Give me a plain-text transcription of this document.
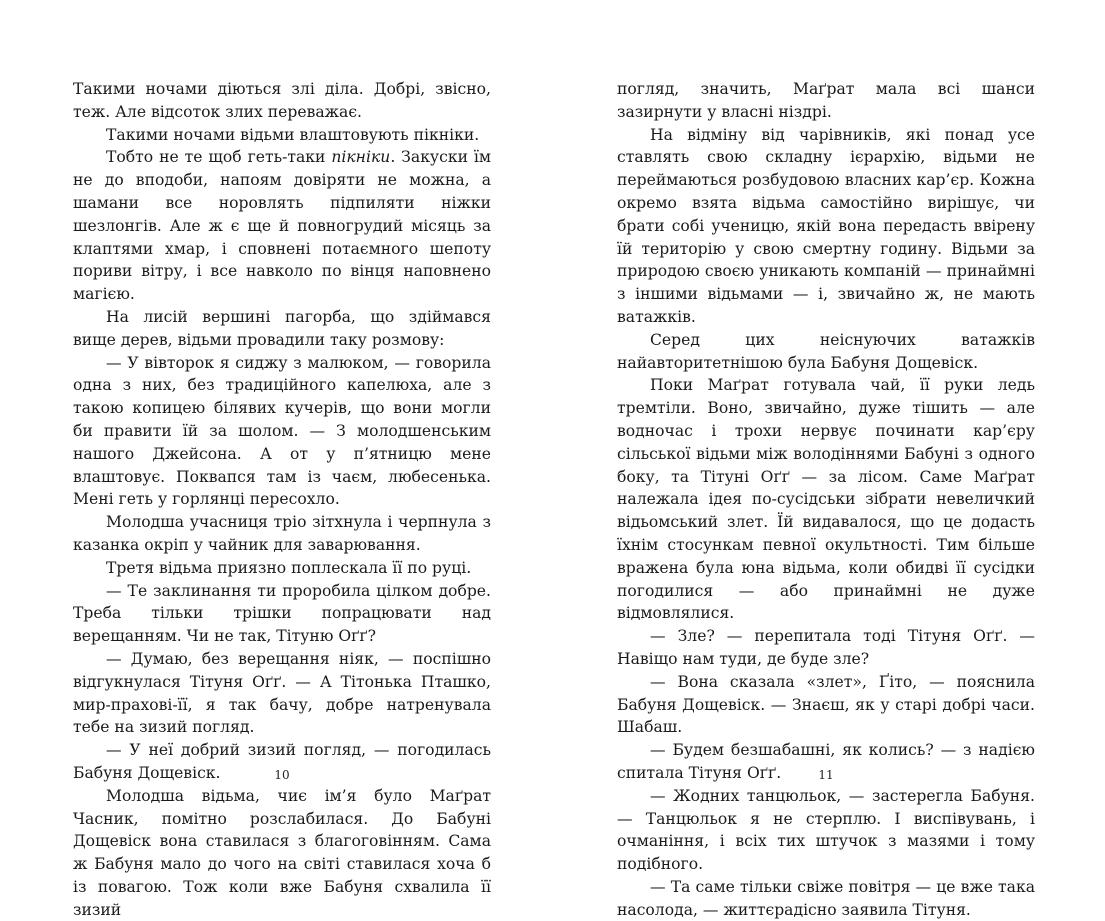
Такими ночами діються злі діла. Добрі, звісно, теж. Але відсоток злих переважає.

Такими ночами відьми влаштовують пікніки.

Тобто не те щоб геть-таки пікніки. Закуски їм не до вподоби, напоям довіряти не можна, а шамани все норовлять підпиляти ніжки шезлонгів. Але ж є ще й повногрудий місяць за клаптями хмар, і сповнені потаємного шепоту пориви вітру, і все навколо по вінця наповнено магією.

На лисій вершині пагорба, що здіймався вище дерев, відьми провадили таку розмову:

— У вівторок я сиджу з малюком, — говорила одна з них, без традиційного капелюха, але з такою копицею білявих кучерів, що вони могли би правити їй за шолом. — З молодшенським нашого Джейсона. А от у п’ятницю мене влаштовує. Поквапся там із чаєм, любесенька. Мені геть у горлянці пересохло.

Молодша учасниця тріо зітхнула і черпнула з казанка окріп у чайник для заварювання.

Третя відьма приязно поплескала її по руці.

— Те заклинання ти проробила цілком добре. Треба тільки трішки попрацювати над верещанням. Чи не так, Тітуню Оґґ?

— Думаю, без верещання ніяк, — поспішно відгукнулася Тітуня Оґґ. — А Тітонька Пташко, мир-прахові-її, я так бачу, добре натренувала тебе на зизий погляд.

— У неї добрий зизий погляд, — погодилась Бабуня Дощевіск.

Молодша відьма, чиє ім’я було Маґрат Часник, помітно розслабилася. До Бабуні Дощевіск вона ставилася з благоговінням. Сама ж Бабуня мало до чого на світі ставилася хоча б із повагою. Тож коли вже Бабуня схвалила її зизий

10

погляд, значить, Маґрат мала всі шанси зазирнути у власні ніздрі.

На відміну від чарівників, які понад усе ставлять свою складну ієрархію, відьми не переймаються розбудовою власних кар’єр. Кожна окремо взята відьма самостійно вирішує, чи брати собі ученицю, якій вона передасть ввірену їй територію у свою смертну годину. Відьми за природою своєю уникають компаній — принаймні з іншими відьмами — і, звичайно ж, не мають ватажків.

Серед цих неіснуючих ватажків найавторитетнішою була Бабуня Дощевіск.

Поки Маґрат готувала чай, її руки ледь тремтіли. Воно, звичайно, дуже тішить — але водночас і трохи нервує починати кар’єру сільської відьми між володіннями Бабуні з одного боку, та Тітуні Оґґ — за лісом. Саме Маґрат належала ідея по-сусідськи зібрати невеличкий відьомський злет. Їй видавалося, що це додасть їхнім стосункам певної окультності. Тим більше вражена була юна відьма, коли обидві її сусідки погодилися — або принаймні не дуже відмовлялися.

— Зле? — перепитала тоді Тітуня Оґґ. — Навіщо нам туди, де буде зле?

— Вона сказала «злет», Ґіто, — пояснила Бабуня Дощевіск. — Знаєш, як у старі добрі часи. Шабаш.

— Будем безшабашні, як колись? — з надією спитала Тітуня Оґґ.

— Жодних танцюльок, — застерегла Бабуня. — Танцюльок я не стерплю. І виспівувань, і очманіння, і всіх тих штучок з мазями і тому подібного.

— Та саме тільки свіже повітря — це вже така насолода, — життєрадісно заявила Тітуня.

11
